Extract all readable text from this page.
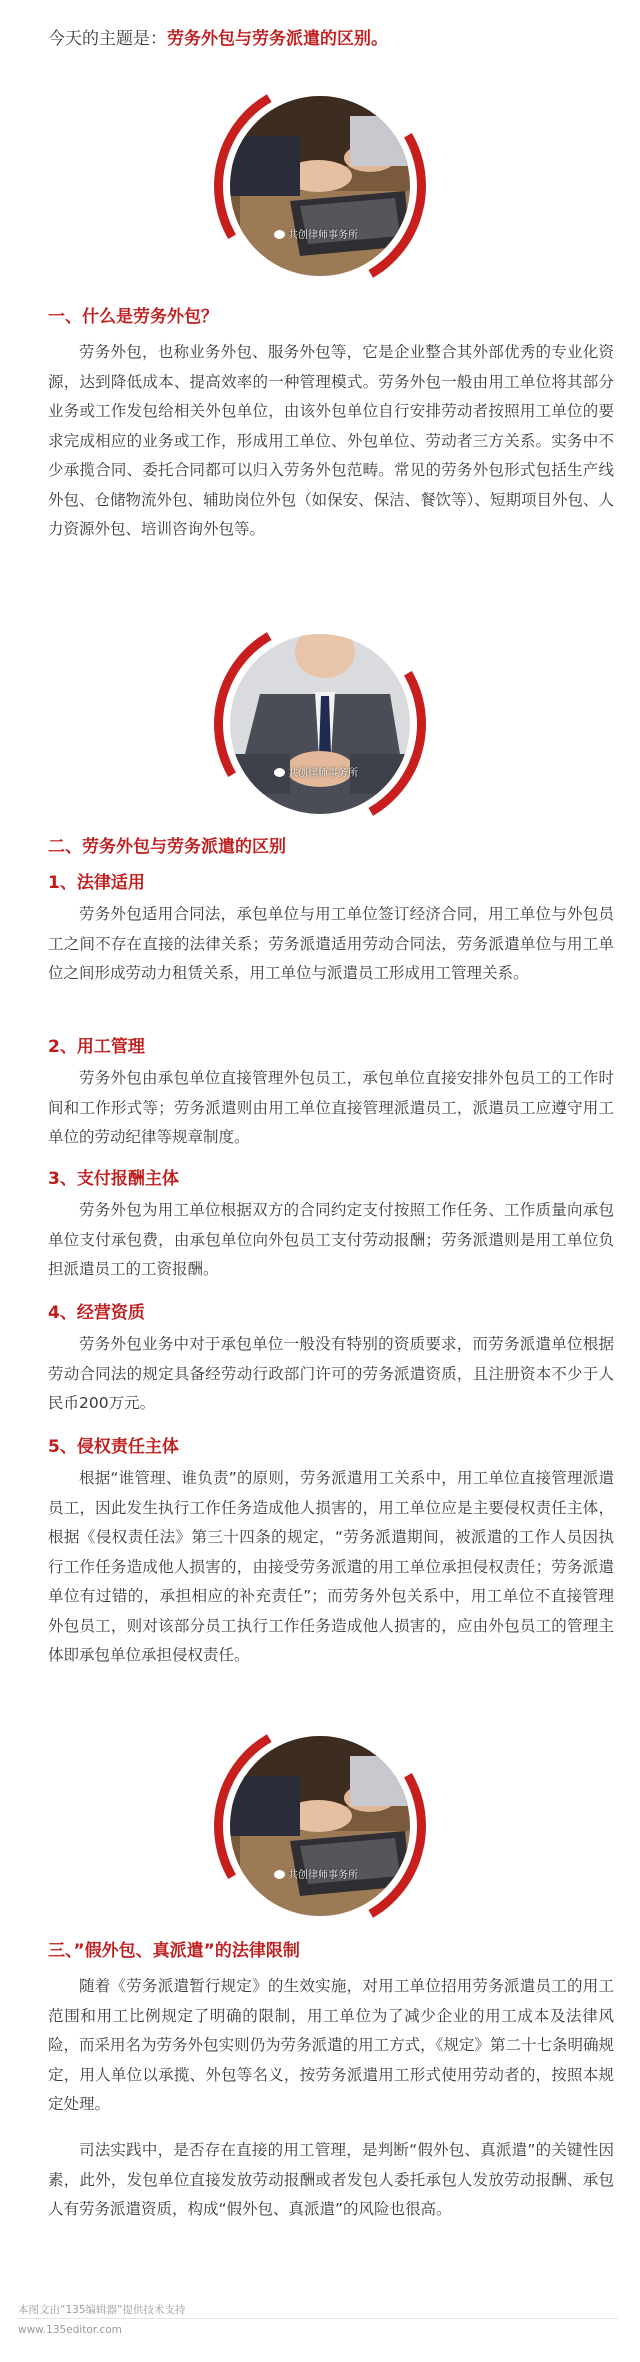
今天的主题是：劳务外包与劳务派遣的区别。
共创律师事务所
一、什么是劳务外包？
劳务外包，也称业务外包、服务外包等，它是企业整合其外部优秀的专业化资源，达到降低成本、提高效率的一种管理模式。劳务外包一般由用工单位将其部分业务或工作发包给相关外包单位，由该外包单位自行安排劳动者按照用工单位的要求完成相应的业务或工作，形成用工单位、外包单位、劳动者三方关系。实务中不少承揽合同、委托合同都可以归入劳务外包范畴。常见的劳务外包形式包括生产线外包、仓储物流外包、辅助岗位外包（如保安、保洁、餐饮等）、短期项目外包、人力资源外包、培训咨询外包等。
共创律师事务所
二、劳务外包与劳务派遣的区别
1、法律适用
劳务外包适用合同法，承包单位与用工单位签订经济合同，用工单位与外包员工之间不存在直接的法律关系；劳务派遣适用劳动合同法，劳务派遣单位与用工单位之间形成劳动力租赁关系，用工单位与派遣员工形成用工管理关系。
2、用工管理
劳务外包由承包单位直接管理外包员工，承包单位直接安排外包员工的工作时间和工作形式等；劳务派遣则由用工单位直接管理派遣员工，派遣员工应遵守用工单位的劳动纪律等规章制度。
3、支付报酬主体
劳务外包为用工单位根据双方的合同约定支付按照工作任务、工作质量向承包单位支付承包费，由承包单位向外包员工支付劳动报酬；劳务派遣则是用工单位负担派遣员工的工资报酬。
4、经营资质
劳务外包业务中对于承包单位一般没有特别的资质要求，而劳务派遣单位根据劳动合同法的规定具备经劳动行政部门许可的劳务派遣资质，且注册资本不少于人民币200万元。
5、侵权责任主体
根据“谁管理、谁负责”的原则，劳务派遣用工关系中，用工单位直接管理派遣员工，因此发生执行工作任务造成他人损害的，用工单位应是主要侵权责任主体，根据《侵权责任法》第三十四条的规定，“劳务派遣期间，被派遣的工作人员因执行工作任务造成他人损害的，由接受劳务派遣的用工单位承担侵权责任；劳务派遣单位有过错的，承担相应的补充责任”；而劳务外包关系中，用工单位不直接管理外包员工，则对该部分员工执行工作任务造成他人损害的，应由外包员工的管理主体即承包单位承担侵权责任。
共创律师事务所
三、”假外包、真派遣”的法律限制
随着《劳务派遣暂行规定》的生效实施，对用工单位招用劳务派遣员工的用工范围和用工比例规定了明确的限制，用工单位为了减少企业的用工成本及法律风险，而采用名为劳务外包实则仍为劳务派遣的用工方式，《规定》第二十七条明确规定，用人单位以承揽、外包等名义，按劳务派遣用工形式使用劳动者的，按照本规定处理。
司法实践中，是否存在直接的用工管理，是判断“假外包、真派遣”的关键性因素，此外，发包单位直接发放劳动报酬或者发包人委托承包人发放劳动报酬、承包人有劳务派遣资质，构成“假外包、真派遣”的风险也很高。
本图文由“135编辑器”提供技术支持
www.135editor.com
